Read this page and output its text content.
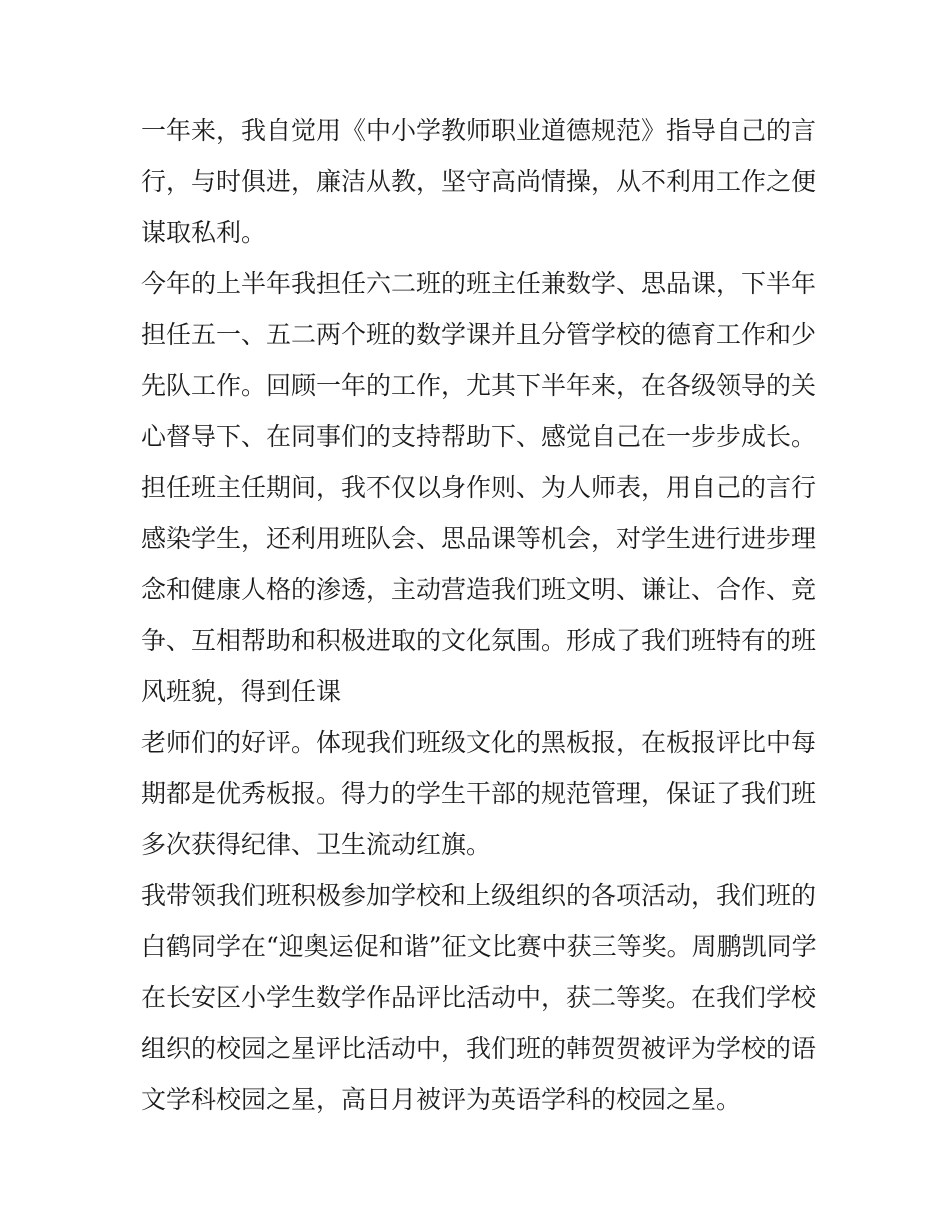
一年来，我自觉用《中小学教师职业道德规范》指导自己的言
行，与时俱进，廉洁从教，坚守高尚情操，从不利用工作之便
谋取私利。
今年的上半年我担任六二班的班主任兼数学、思品课，下半年
担任五一、五二两个班的数学课并且分管学校的德育工作和少
先队工作。回顾一年的工作，尤其下半年来，在各级领导的关
心督导下、在同事们的支持帮助下、感觉自己在一步步成长。
担任班主任期间，我不仅以身作则、为人师表，用自己的言行
感染学生，还利用班队会、思品课等机会，对学生进行进步理
念和健康人格的渗透，主动营造我们班文明、谦让、合作、竞
争、互相帮助和积极进取的文化氛围。形成了我们班特有的班
风班貌，得到任课
老师们的好评。体现我们班级文化的黑板报，在板报评比中每
期都是优秀板报。得力的学生干部的规范管理，保证了我们班
多次获得纪律、卫生流动红旗。
我带领我们班积极参加学校和上级组织的各项活动，我们班的
白鹤同学在“迎奥运促和谐”征文比赛中获三等奖。周鹏凯同学
在长安区小学生数学作品评比活动中，获二等奖。在我们学校
组织的校园之星评比活动中，我们班的韩贺贺被评为学校的语
文学科校园之星，高日月被评为英语学科的校园之星。
